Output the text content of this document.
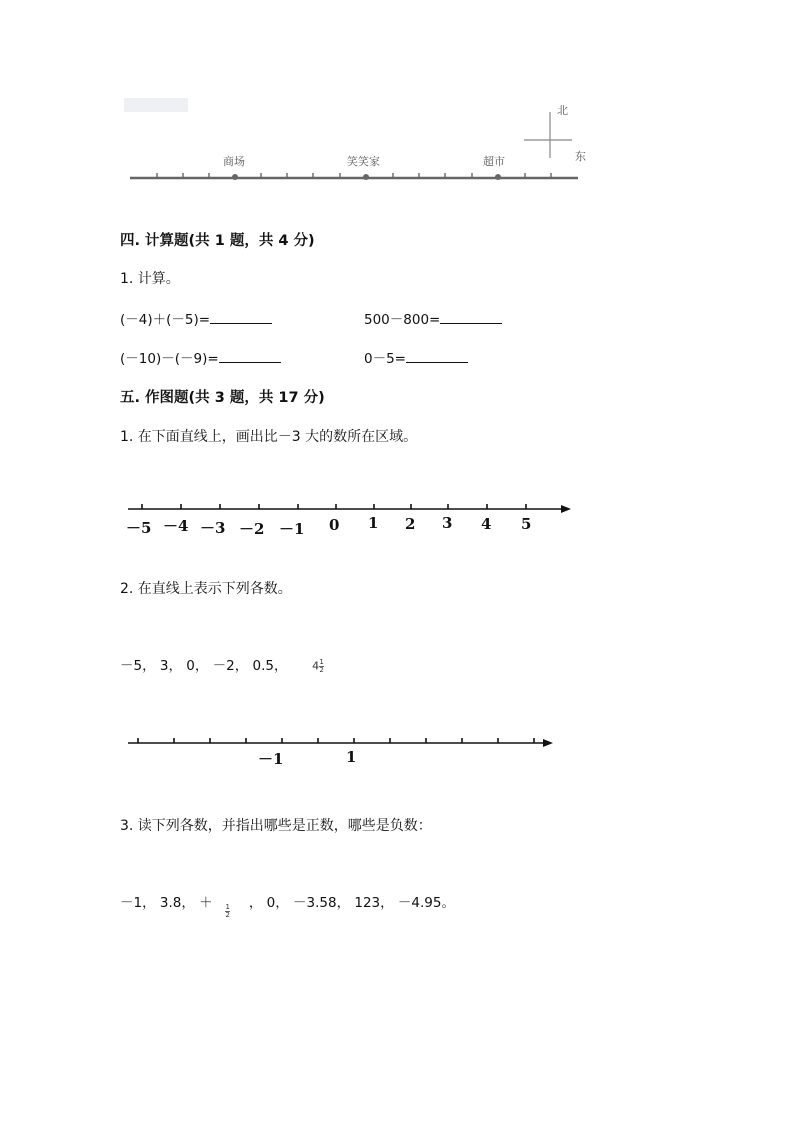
商场	笑笑家	超市
北
东
四. 计算题(共 1 题，共 4 分)
1. 计算。
(－4)＋(－5)=	500－800=
(－10)－(－9)=	0－5=
五. 作图题(共 3 题，共 17 分)
1. 在下面直线上，画出比－3 大的数所在区域。
－5 －4 －3 －2 －1 0 1 2 3 4 5
2. 在直线上表示下列各数。
－5， 3， 0， －2， 0.5， $4 \frac{1}{2}$
－1	1
3. 读下列各数，并指出哪些是正数，哪些是负数：
－1， 3.8， ＋ $\frac{1}{2}$ ， 0， －3.58， 123， －4.95。
